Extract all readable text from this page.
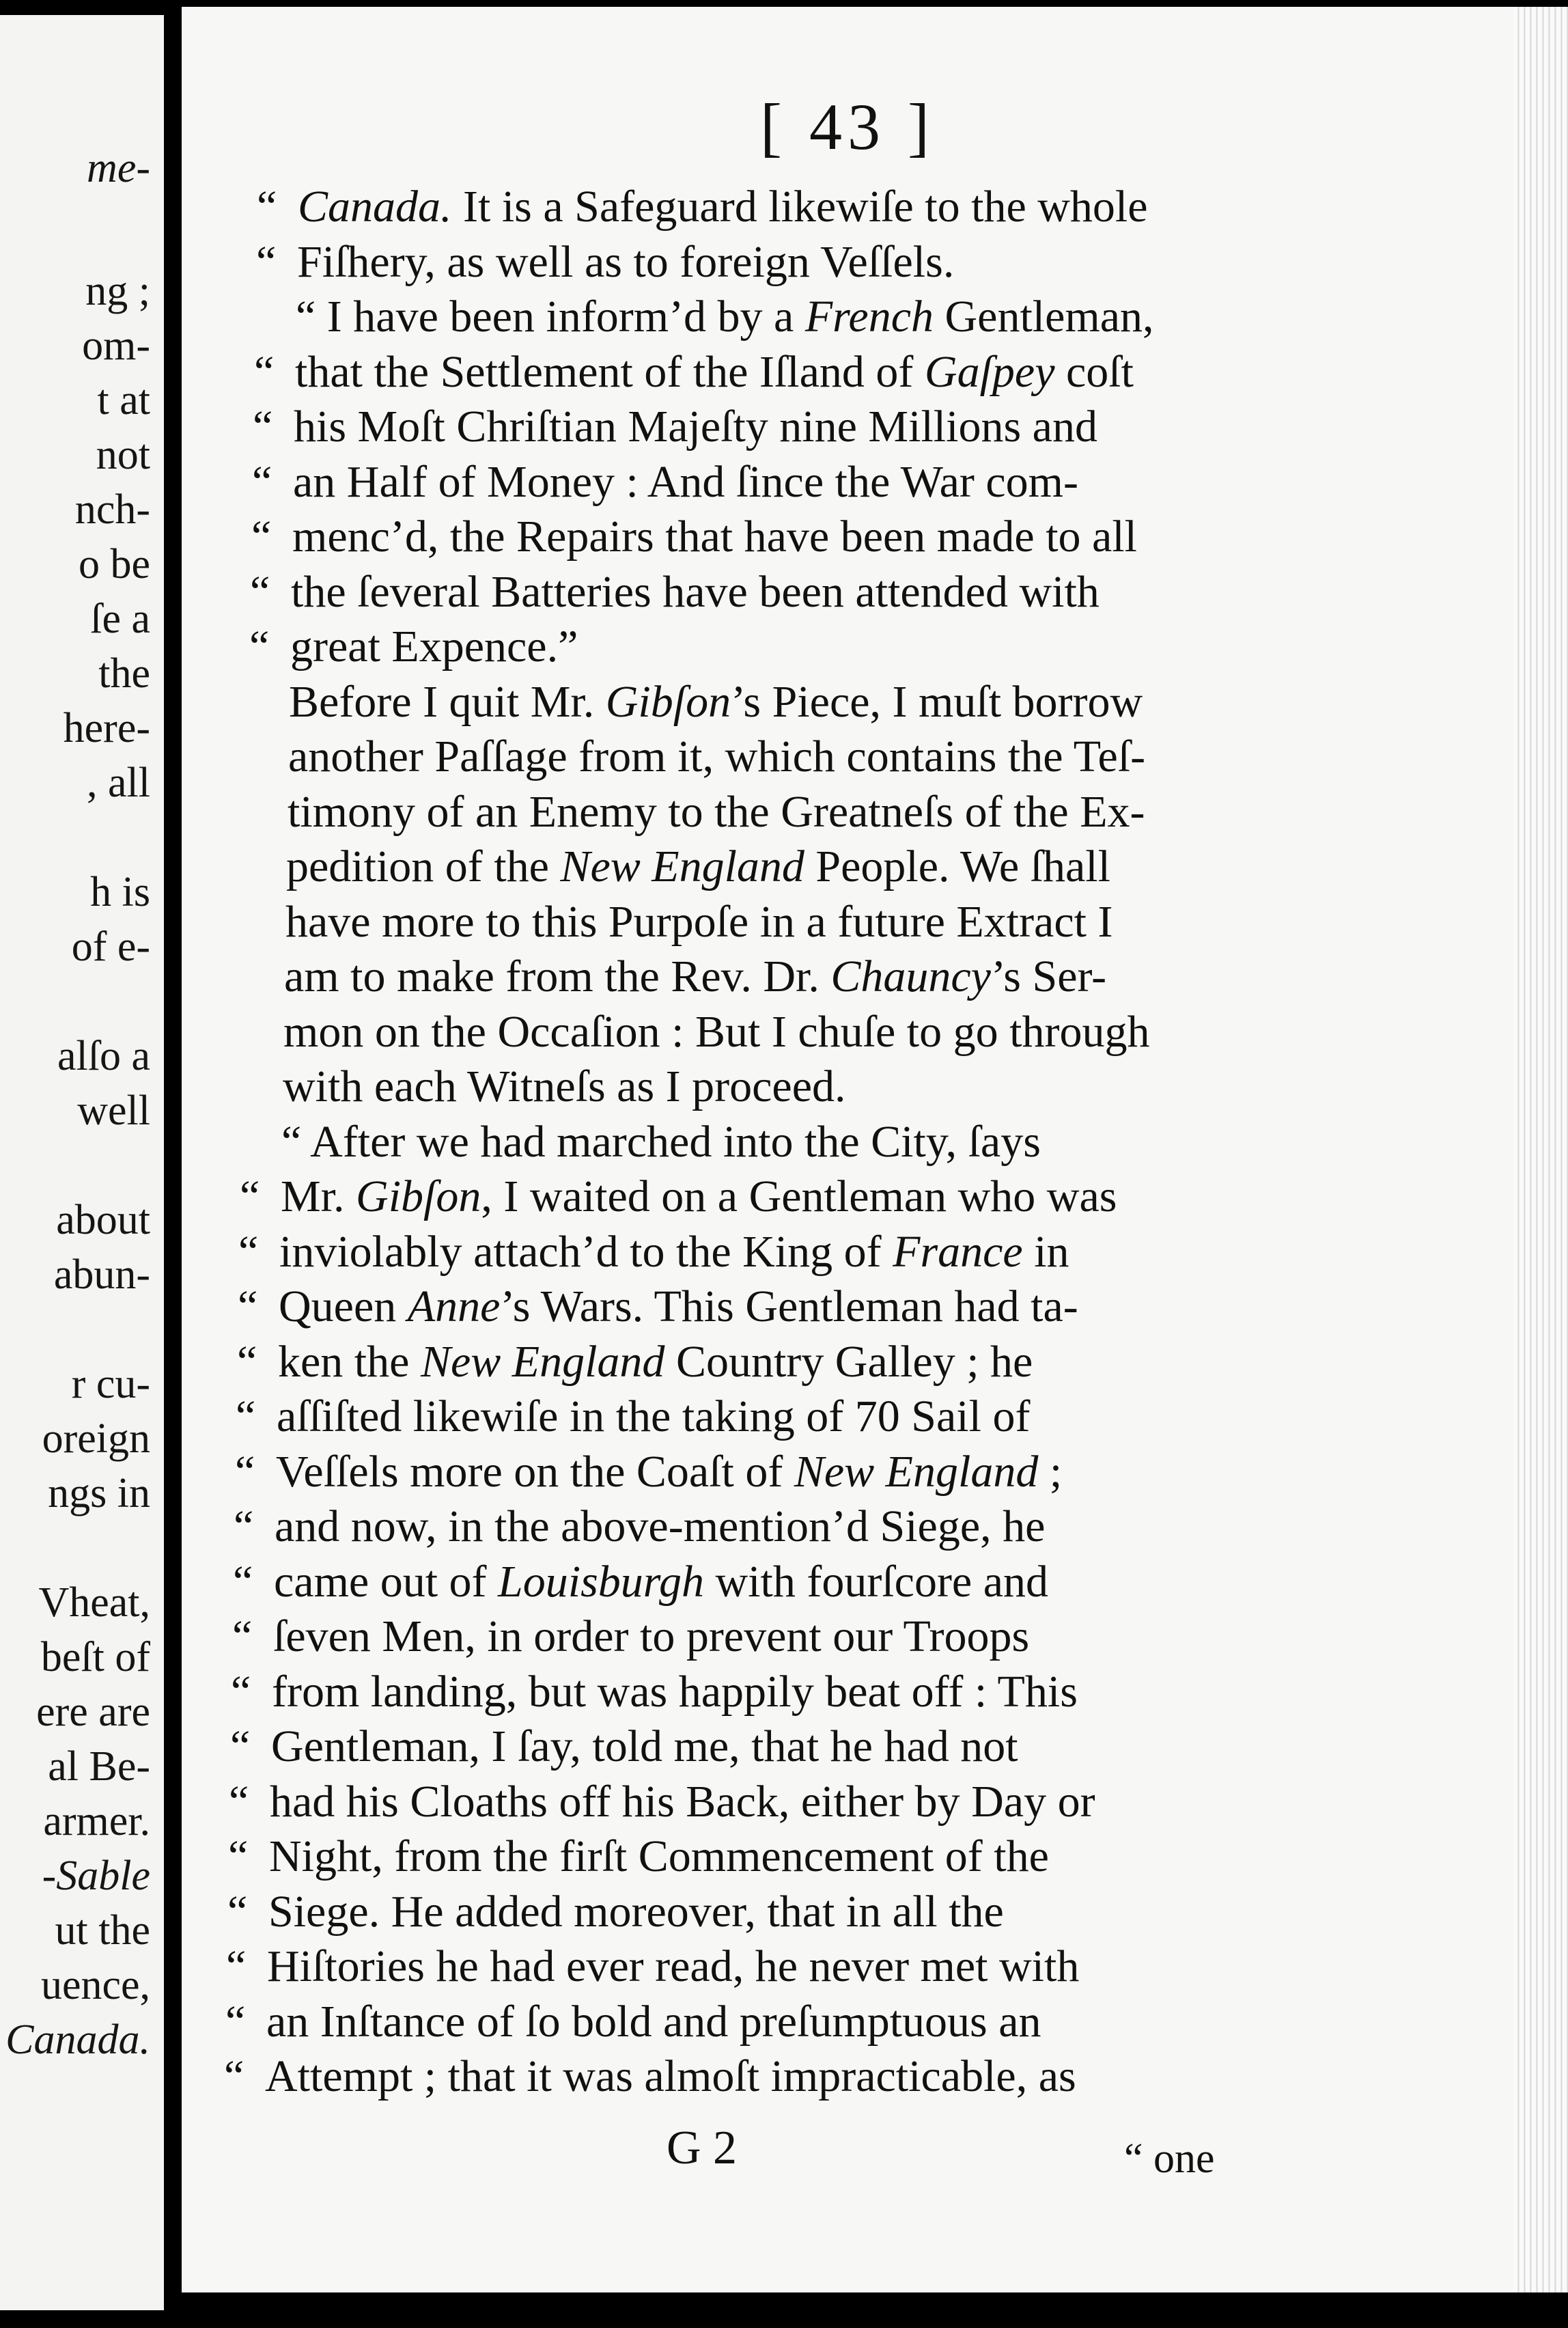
me-
ng ;
om-
t at
not
nch-
o be
ſe a
the
here-
, all
h is
of e-
alſo a
well
about
abun-
r cu-
oreign
ngs in
Vheat,
beſt of
ere are
al Be-
armer.
-Sable
ut the
uence,
Canada.
[ 43 ]
“ Canada. It is a Safeguard likewiſe to the whole
“ Fiſhery, as well as to foreign Veſſels.
“ I have been inform’d by a French Gentleman,
“ that the Settlement of the Iſland of Gaſpey coſt
“ his Moſt Chriſtian Majeſty nine Millions and
“ an Half of Money : And ſince the War com-
“ menc’d, the Repairs that have been made to all
“ the ſeveral Batteries have been attended with
“ great Expence.”
Before I quit Mr. Gibſon’s Piece, I muſt borrow
another Paſſage from it, which contains the Teſ-
timony of an Enemy to the Greatneſs of the Ex-
pedition of the New England People. We ſhall
have more to this Purpoſe in a future Extract I
am to make from the Rev. Dr. Chauncy’s Ser-
mon on the Occaſion : But I chuſe to go through
with each Witneſs as I proceed.
“ After we had marched into the City, ſays
“ Mr. Gibſon, I waited on a Gentleman who was
“ inviolably attach’d to the King of France in
“ Queen Anne’s Wars. This Gentleman had ta-
“ ken the New England Country Galley ; he
“ aſſiſted likewiſe in the taking of 70 Sail of
“ Veſſels more on the Coaſt of New England ;
“ and now, in the above-mention’d Siege, he
“ came out of Louisburgh with fourſcore and
“ ſeven Men, in order to prevent our Troops
“ from landing, but was happily beat off : This
“ Gentleman, I ſay, told me, that he had not
“ had his Cloaths off his Back, either by Day or
“ Night, from the firſt Commencement of the
“ Siege. He added moreover, that in all the
“ Hiſtories he had ever read, he never met with
“ an Inſtance of ſo bold and preſumptuous an
“ Attempt ; that it was almoſt impracticable, as
G 2	“ one
